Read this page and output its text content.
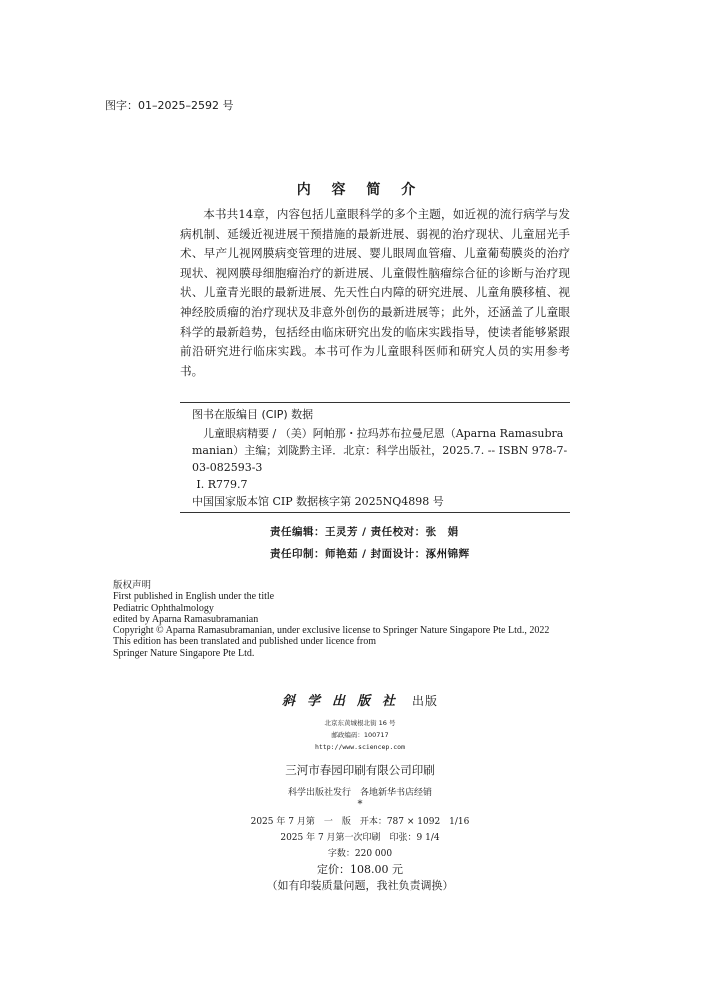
图字：01–2025–2592 号
内 容 简 介

本书共14章，内容包括儿童眼科学的多个主题，如近视的流行病学与发病机制、延缓近视进展干预措施的最新进展、弱视的治疗现状、儿童屈光手术、早产儿视网膜病变管理的进展、婴儿眼周血管瘤、儿童葡萄膜炎的治疗现状、视网膜母细胞瘤治疗的新进展、儿童假性脑瘤综合征的诊断与治疗现状、儿童青光眼的最新进展、先天性白内障的研究进展、儿童角膜移植、视神经胶质瘤的治疗现状及非意外创伤的最新进展等；此外，还涵盖了儿童眼科学的最新趋势，包括经由临床研究出发的临床实践指导，使读者能够紧跟前沿研究进行临床实践。本书可作为儿童眼科医师和研究人员的实用参考书。

图书在版编目 (CIP) 数据
儿童眼病精要 / （美）阿帕那・拉玛苏布拉曼尼恩（Aparna Ramasubramanian）主编；刘陇黔主译．北京：科学出版社，2025.7. -- ISBN 978-7-03-082593-3
Ⅰ. R779.7
中国国家版本馆 CIP 数据核字第 2025NQ4898 号
责任编辑：王灵芳 / 责任校对：张　娟
责任印制：师艳茹 / 封面设计：涿州锦辉
版权声明
First published in English under the title
Pediatric Ophthalmology
edited by Aparna Ramasubramanian
Copyright © Aparna Ramasubramanian, under exclusive license to Springer Nature Singapore Pte Ltd., 2022
This edition has been translated and published under licence from
Springer Nature Singapore Pte Ltd.
斜学出版社 出版
北京东黄城根北街 16 号
邮政编码：100717
http://www.sciencep.com
三河市春园印刷有限公司印刷
科学出版社发行　各地新华书店经销
*
2025 年 7 月第　一　版　开本：787 × 1092　1/16
2025 年 7 月第一次印刷　印张：9 1/4
字数：220 000
定价：108.00 元
（如有印装质量问题，我社负责调换）
